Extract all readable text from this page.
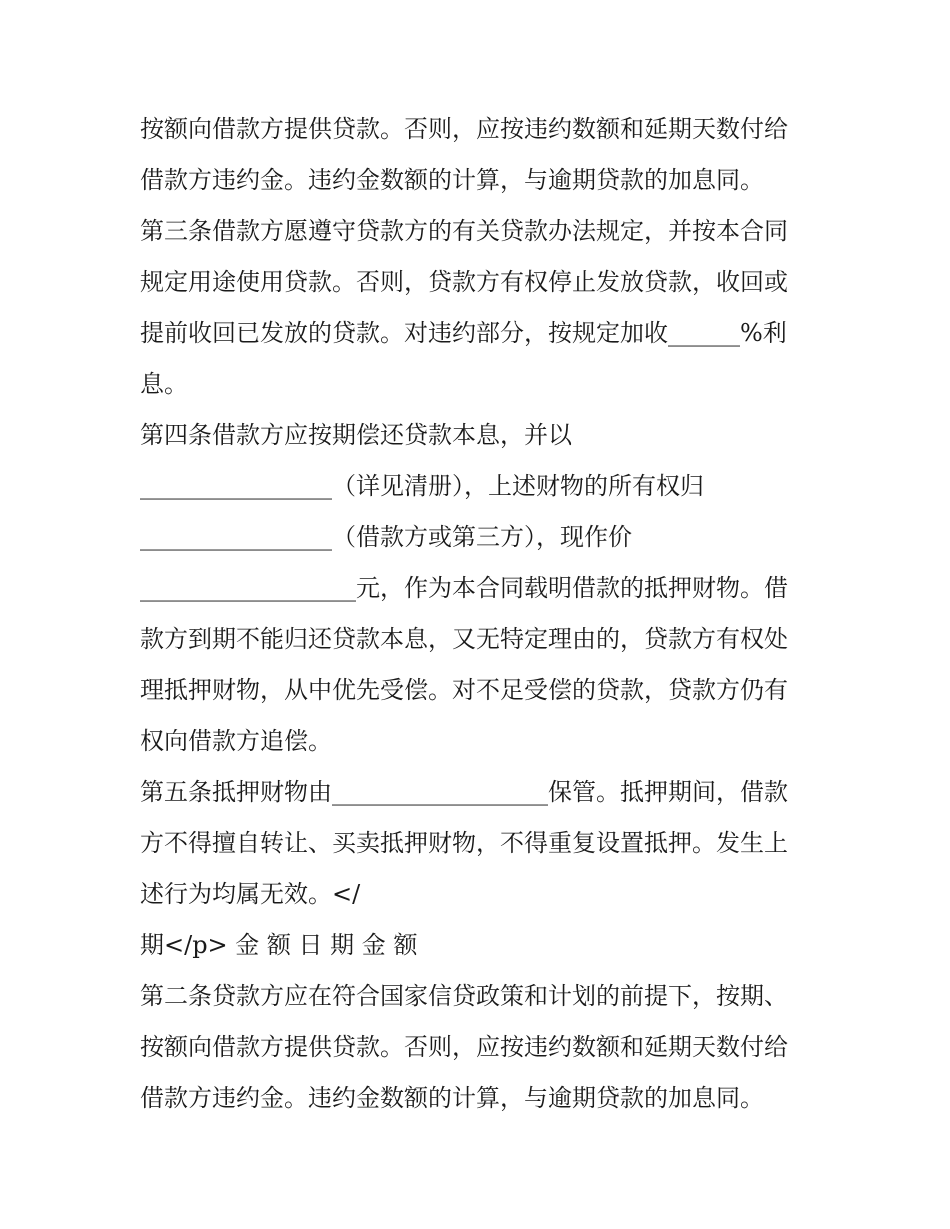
按额向借款方提供贷款。否则，应按违约数额和延期天数付给
借款方违约金。违约金数额的计算，与逾期贷款的加息同。
第三条借款方愿遵守贷款方的有关贷款办法规定，并按本合同
规定用途使用贷款。否则，贷款方有权停止发放贷款，收回或
提前收回已发放的贷款。对违约部分，按规定加收______%利
息。
第四条借款方应按期偿还贷款本息，并以
________________（详见清册），上述财物的所有权归
________________（借款方或第三方），现作价
__________________元，作为本合同载明借款的抵押财物。借
款方到期不能归还贷款本息，又无特定理由的，贷款方有权处
理抵押财物，从中优先受偿。对不足受偿的贷款，贷款方仍有
权向借款方追偿。
第五条抵押财物由__________________保管。抵押期间，借款
方不得擅自转让、买卖抵押财物，不得重复设置抵押。发生上
述行为均属无效。</
期</p> 金 额 日 期 金 额
第二条贷款方应在符合国家信贷政策和计划的前提下，按期、
按额向借款方提供贷款。否则，应按违约数额和延期天数付给
借款方违约金。违约金数额的计算，与逾期贷款的加息同。
